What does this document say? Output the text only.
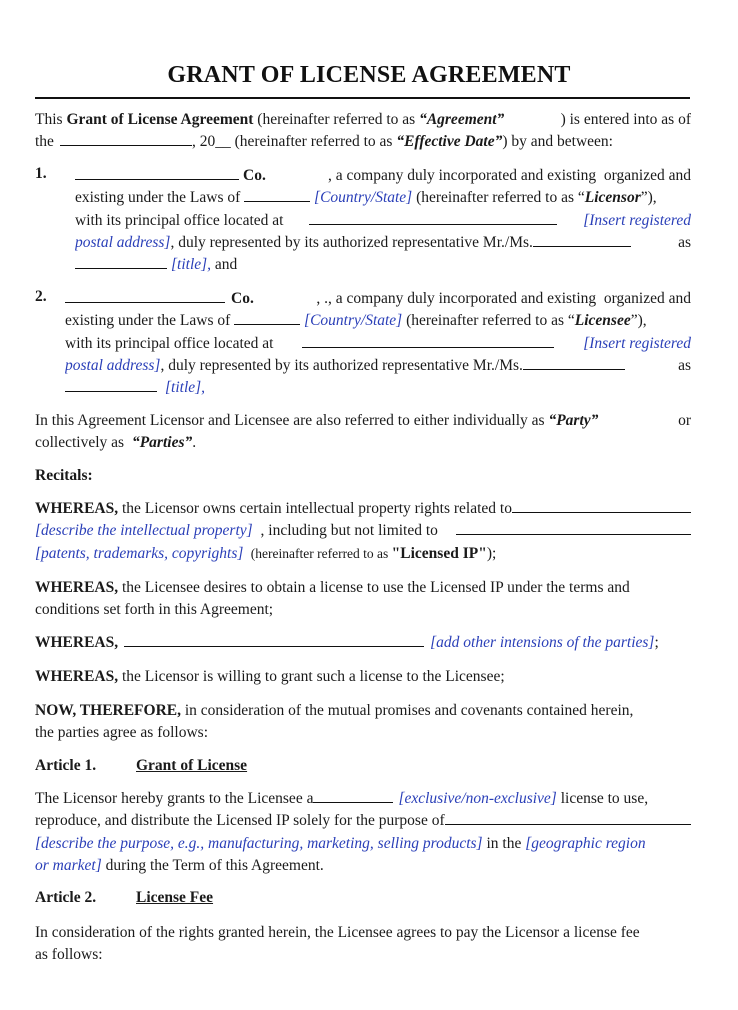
GRANT OF LICENSE AGREEMENT
This Grant of License Agreement (hereinafter referred to as “Agreement”	) is entered into as of
the	, 20__ (hereinafter referred to as “Effective Date” ) by and between:
1.	Co.	, a company duly incorporated and existing  organized and
existing under the Laws of	[Country/State] (hereinafter referred to as “Licensor”),
with its principal office located at	[Insert registered
postal address], duly represented by its authorized representative Mr./Ms.	as
[title], and
2.	Co.	, ., a company duly incorporated and existing  organized and
existing under the Laws of	[Country/State] (hereinafter referred to as “Licensee”),
with its principal office located at	[Insert registered
postal address], duly represented by its authorized representative Mr./Ms.	as
[title],
In this Agreement Licensor and Licensee are also referred to either individually as “Party”	or
collectively as “Parties” .
Recitals:
WHEREAS, the Licensor owns certain intellectual property rights related to
[describe the intellectual property] , including but not limited to
[patents, trademarks, copyrights] (hereinafter referred to as "Licensed IP" );
WHEREAS, the Licensee desires to obtain a license to use the Licensed IP under the terms and
conditions set forth in this Agreement;
WHEREAS,	[add other intensions of the parties] ;
WHEREAS, the Licensor is willing to grant such a license to the Licensee;
NOW, THEREFORE, in consideration of the mutual promises and covenants contained herein,
the parties agree as follows:
Article 1.	Grant of License
The Licensor hereby grants to the Licensee a	[exclusive/non-exclusive] license to use,
reproduce, and distribute the Licensed IP solely for the purpose of
[describe the purpose, e.g., manufacturing, marketing, selling products] in the [geographic region
or market] during the Term of this Agreement.
Article 2.	License Fee
In consideration of the rights granted herein, the Licensee agrees to pay the Licensor a license fee
as follows:
